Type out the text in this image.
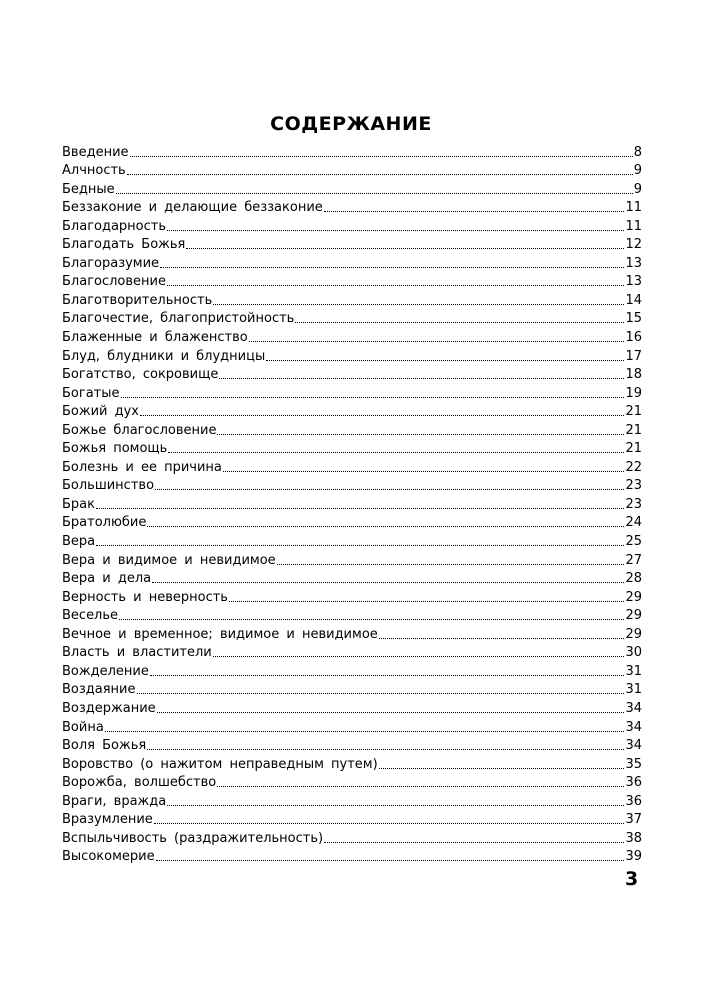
СОДЕРЖАНИЕ
Введение	8
Алчность	9
Бедные	9
Беззаконие и делающие беззаконие	11
Благодарность	11
Благодать Божья	12
Благоразумие	13
Благословение	13
Благотворительность	14
Благочестие, благопристойность	15
Блаженные и блаженство	16
Блуд, блудники и блудницы	17
Богатство, сокровище	18
Богатые	19
Божий дух	21
Божье благословение	21
Божья помощь	21
Болезнь и ее причина	22
Большинство	23
Брак	23
Братолюбие	24
Вера	25
Вера и видимое и невидимое	27
Вера и дела	28
Верность и неверность	29
Веселье	29
Вечное и временное; видимое и невидимое	29
Власть и властители	30
Вожделение	31
Воздаяние	31
Воздержание	34
Война	34
Воля Божья	34
Воровство (о нажитом неправедным путем)	35
Ворожба, волшебство	36
Враги, вражда	36
Вразумление	37
Вспыльчивость (раздражительность)	38
Высокомерие	39
3
